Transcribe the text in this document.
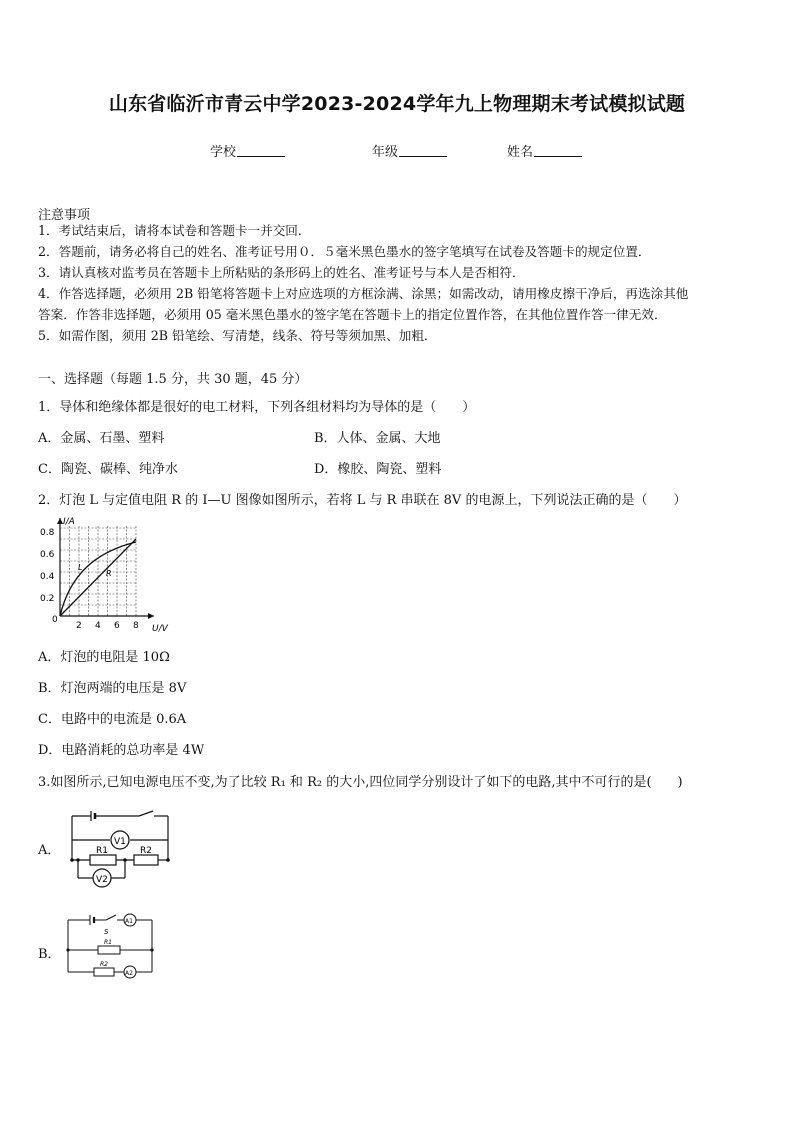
山东省临沂市青云中学2023-2024学年九上物理期末考试模拟试题
学校	年级	姓名
注意事项
1．考试结束后，请将本试卷和答题卡一并交回．
2．答题前，请务必将自己的姓名、准考证号用０．５毫米黑色墨水的签字笔填写在试卷及答题卡的规定位置．
3．请认真核对监考员在答题卡上所粘贴的条形码上的姓名、准考证号与本人是否相符．
4．作答选择题，必须用 2B 铅笔将答题卡上对应选项的方框涂满、涂黑；如需改动，请用橡皮擦干净后，再选涂其他
答案．作答非选择题，必须用 05 毫米黑色墨水的签字笔在答题卡上的指定位置作答，在其他位置作答一律无效．
5．如需作图，须用 2B 铅笔绘、写清楚，线条、符号等须加黑、加粗．
一、选择题（每题 1.5 分，共 30 题，45 分）
1．导体和绝缘体都是很好的电工材料，下列各组材料均为导体的是（　　）
A．金属、石墨、塑料	B．人体、金属、大地
C．陶瓷、碳棒、纯净水	D．橡胶、陶瓷、塑料
2．灯泡 L 与定值电阻 R 的 I—U 图像如图所示，若将 L 与 R 串联在 8V 的电源上，下列说法正确的是（　　）
I/A
U/V
0
2 4 6 8
0.2
0.4
0.6
0.8
L
R
A．灯泡的电阻是 10Ω
B．灯泡两端的电压是 8V
C．电路中的电流是 0.6A
D．电路消耗的总功率是 4W
3.如图所示,已知电源电压不变,为了比较 R₁ 和 R₂ 的大小,四位同学分别设计了如下的电路,其中不可行的是(　　)
A．
V1
R1	R2
V2
B．
S
A1
R1
R2
A2
